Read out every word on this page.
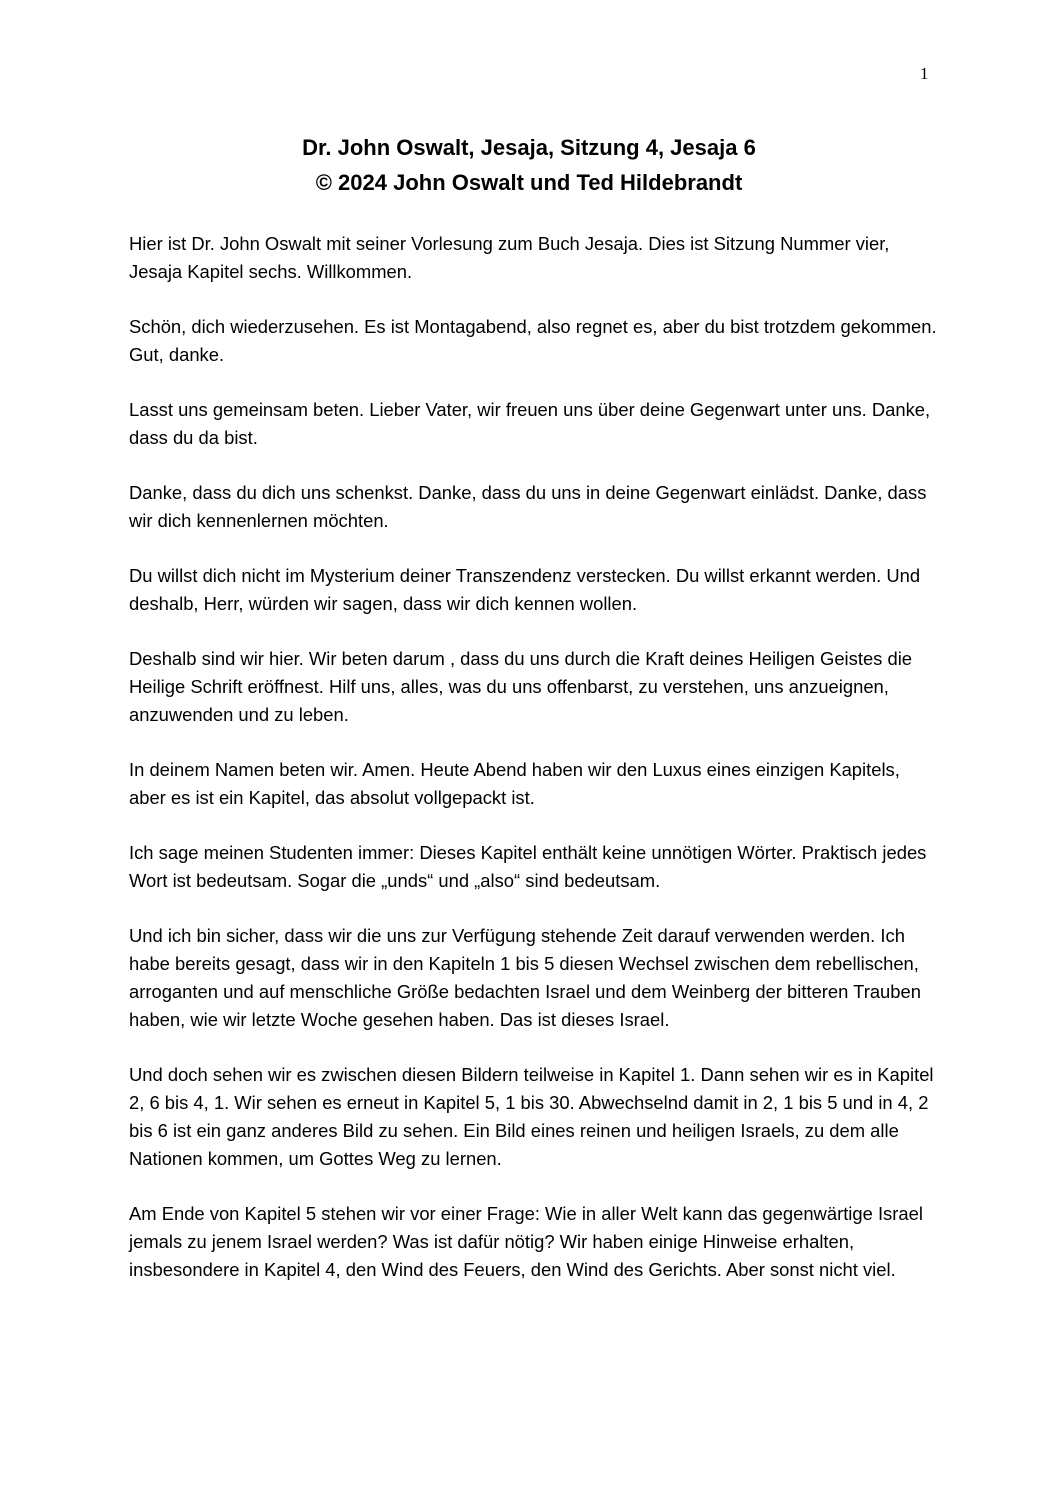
1
Dr. John Oswalt, Jesaja, Sitzung 4, Jesaja 6
© 2024 John Oswalt und Ted Hildebrandt

Hier ist Dr. John Oswalt mit seiner Vorlesung zum Buch Jesaja. Dies ist Sitzung Nummer vier, Jesaja Kapitel sechs. Willkommen.

Schön, dich wiederzusehen. Es ist Montagabend, also regnet es, aber du bist trotzdem gekommen. Gut, danke.

Lasst uns gemeinsam beten. Lieber Vater, wir freuen uns über deine Gegenwart unter uns. Danke, dass du da bist.

Danke, dass du dich uns schenkst. Danke, dass du uns in deine Gegenwart einlädst. Danke, dass wir dich kennenlernen möchten.

Du willst dich nicht im Mysterium deiner Transzendenz verstecken. Du willst erkannt werden. Und deshalb, Herr, würden wir sagen, dass wir dich kennen wollen.

Deshalb sind wir hier. Wir beten darum , dass du uns durch die Kraft deines Heiligen Geistes die Heilige Schrift eröffnest. Hilf uns, alles, was du uns offenbarst, zu verstehen, uns anzueignen, anzuwenden und zu leben.

In deinem Namen beten wir. Amen. Heute Abend haben wir den Luxus eines einzigen Kapitels, aber es ist ein Kapitel, das absolut vollgepackt ist.

Ich sage meinen Studenten immer: Dieses Kapitel enthält keine unnötigen Wörter. Praktisch jedes Wort ist bedeutsam. Sogar die „unds“ und „also“ sind bedeutsam.

Und ich bin sicher, dass wir die uns zur Verfügung stehende Zeit darauf verwenden werden. Ich habe bereits gesagt, dass wir in den Kapiteln 1 bis 5 diesen Wechsel zwischen dem rebellischen, arroganten und auf menschliche Größe bedachten Israel und dem Weinberg der bitteren Trauben haben, wie wir letzte Woche gesehen haben. Das ist dieses Israel.

Und doch sehen wir es zwischen diesen Bildern teilweise in Kapitel 1. Dann sehen wir es in Kapitel 2, 6 bis 4, 1. Wir sehen es erneut in Kapitel 5, 1 bis 30. Abwechselnd damit in 2, 1 bis 5 und in 4, 2 bis 6 ist ein ganz anderes Bild zu sehen. Ein Bild eines reinen und heiligen Israels, zu dem alle Nationen kommen, um Gottes Weg zu lernen.

Am Ende von Kapitel 5 stehen wir vor einer Frage: Wie in aller Welt kann das gegenwärtige Israel jemals zu jenem Israel werden? Was ist dafür nötig? Wir haben einige Hinweise erhalten, insbesondere in Kapitel 4, den Wind des Feuers, den Wind des Gerichts. Aber sonst nicht viel.
